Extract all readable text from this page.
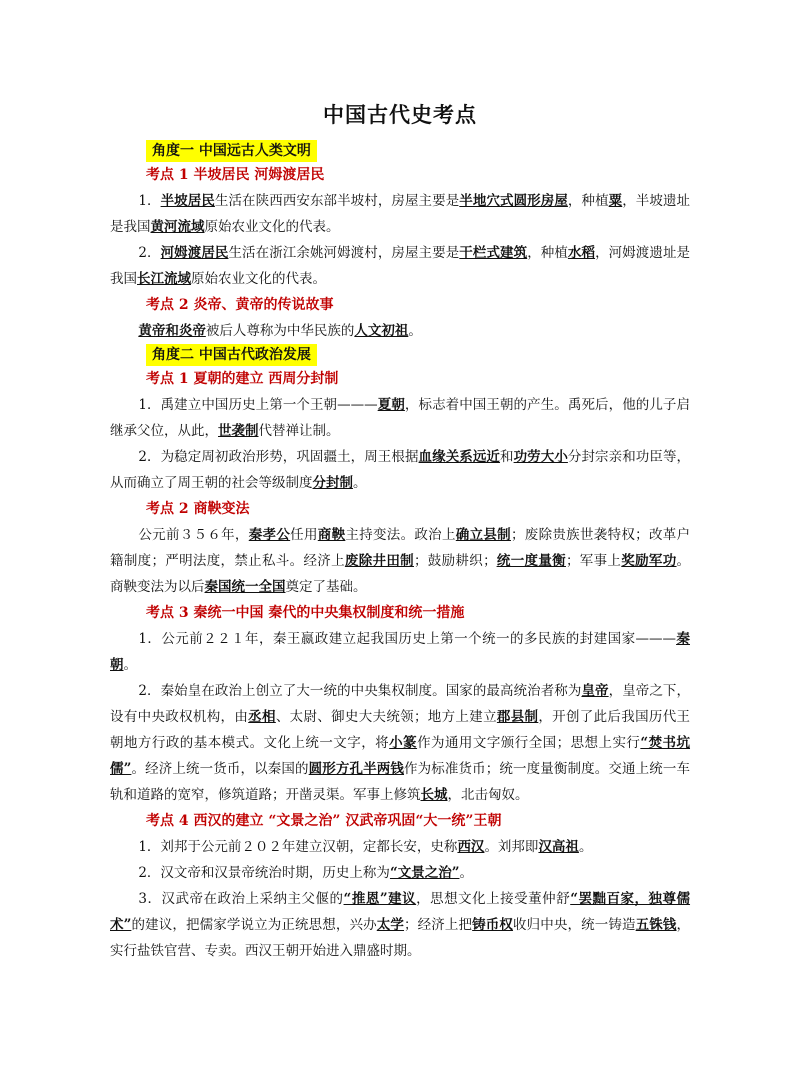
中国古代史考点
角度一 中国远古人类文明
考点 1 半坡居民 河姆渡居民

1．半坡居民生活在陕西西安东部半坡村，房屋主要是半地穴式圆形房屋，种植粟，半坡遗址是我国黄河流域原始农业文化的代表。

2．河姆渡居民生活在浙江余姚河姆渡村，房屋主要是干栏式建筑，种植水稻，河姆渡遗址是我国长江流域原始农业文化的代表。

考点 2 炎帝、黄帝的传说故事

黄帝和炎帝被后人尊称为中华民族的人文初祖。

角度二 中国古代政治发展
考点 1 夏朝的建立 西周分封制

1．禹建立中国历史上第一个王朝———夏朝，标志着中国王朝的产生。禹死后，他的儿子启继承父位，从此，世袭制代替禅让制。

2．为稳定周初政治形势，巩固疆土，周王根据血缘关系远近和功劳大小分封宗亲和功臣等，从而确立了周王朝的社会等级制度分封制。

考点 2 商鞅变法

公元前３５６年，秦孝公任用商鞅主持变法。政治上确立县制；废除贵族世袭特权；改革户籍制度；严明法度，禁止私斗。经济上废除井田制；鼓励耕织；统一度量衡；军事上奖励军功。商鞅变法为以后秦国统一全国奠定了基础。

考点 3 秦统一中国 秦代的中央集权制度和统一措施

1．公元前２２１年，秦王嬴政建立起我国历史上第一个统一的多民族的封建国家———秦朝。

2．秦始皇在政治上创立了大一统的中央集权制度。国家的最高统治者称为皇帝，皇帝之下，设有中央政权机构，由丞相、太尉、御史大夫统领；地方上建立郡县制，开创了此后我国历代王朝地方行政的基本模式。文化上统一文字，将小篆作为通用文字颁行全国；思想上实行“焚书坑儒”。经济上统一货币，以秦国的圆形方孔半两钱作为标准货币；统一度量衡制度。交通上统一车轨和道路的宽窄，修筑道路；开凿灵渠。军事上修筑长城，北击匈奴。

考点 4 西汉的建立 “文景之治” 汉武帝巩固“大一统”王朝

1．刘邦于公元前２０２年建立汉朝，定都长安，史称西汉。刘邦即汉高祖。

2．汉文帝和汉景帝统治时期，历史上称为“文景之治”。

3．汉武帝在政治上采纳主父偃的“推恩”建议，思想文化上接受董仲舒“罢黜百家，独尊儒术”的建议，把儒家学说立为正统思想，兴办太学；经济上把铸币权收归中央，统一铸造五铢钱，实行盐铁官营、专卖。西汉王朝开始进入鼎盛时期。
